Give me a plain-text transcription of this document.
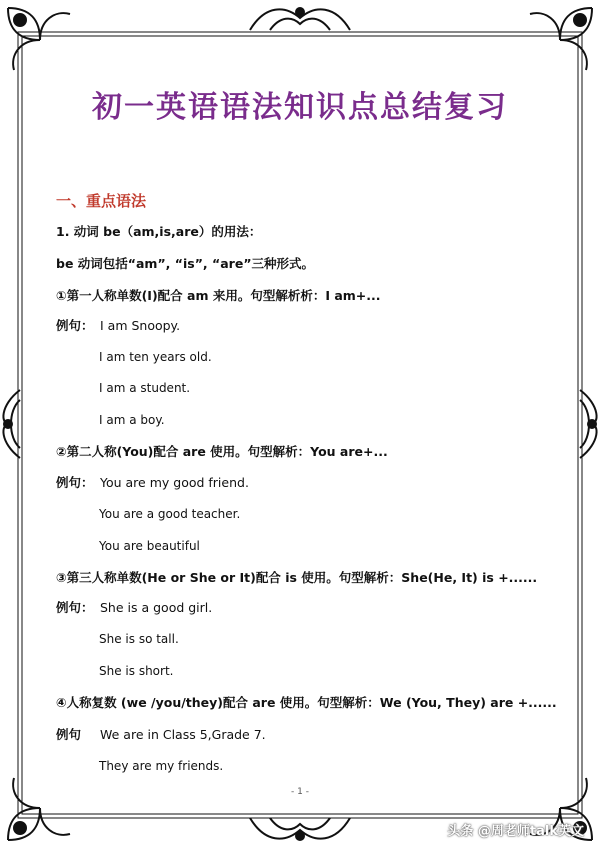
初一英语语法知识点总结复习
一、重点语法
1. 动词 be（am,is,are）的用法：
be 动词包括“am”, “is”, “are”三种形式。
①第一人称单数(I)配合 am 来用。句型解析析：I am+...
例句： I am Snoopy.
I am ten years old.
I am a student.
I am a boy.
②第二人称(You)配合 are 使用。句型解析：You are+...
例句： You are my good friend.
You are a good teacher.
You are beautiful
③第三人称单数(He or She or It)配合 is 使用。句型解析：She(He, It) is +......
例句： She is a good girl.
She is so tall.
She is short.
④人称复数 (we /you/they)配合 are 使用。句型解析：We (You, They) are +......
例句 We are in Class 5,Grade 7.
They are my friends.
- 1 -
头条 @周老师talk英文
